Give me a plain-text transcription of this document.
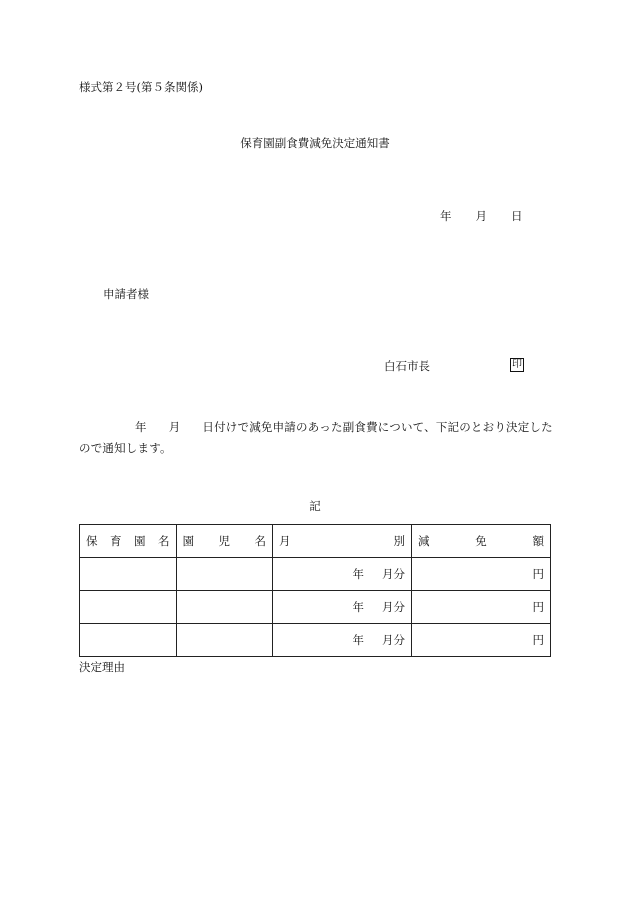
様式第２号(第５条関係)
保育園副食費減免決定通知書
年 月 日
申請者様
白石市長	印
年 月 日付けで減免申請のあった副食費について、下記のとおり決定したので通知します。
記
保 育 園 名	園 児 名	月 別	減 免 額

		年 月分	円
		年 月分	円
		年 月分	円
決定理由
